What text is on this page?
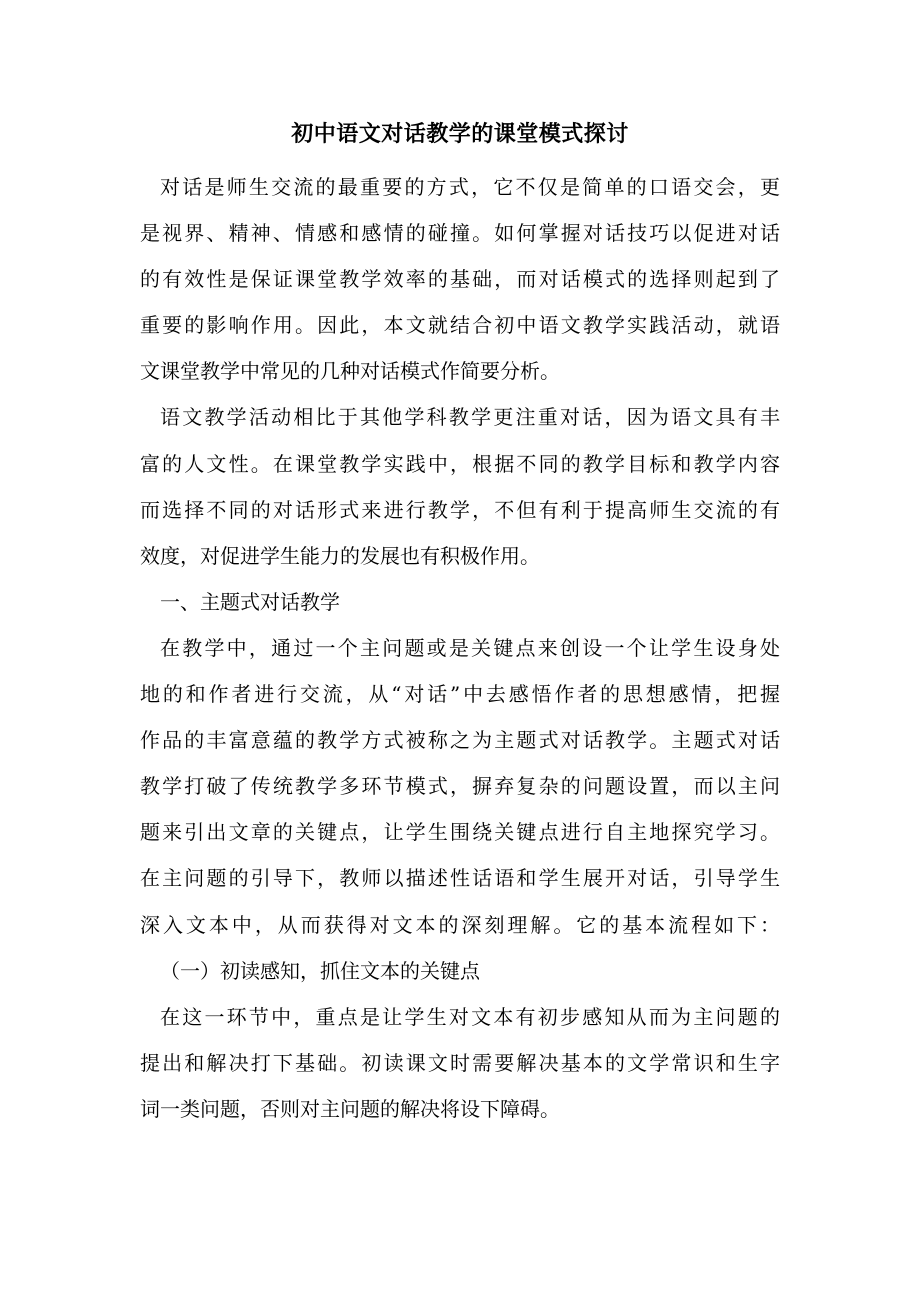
初中语文对话教学的课堂模式探讨
对话是师生交流的最重要的方式，它不仅是简单的口语交会，更
是视界、精神、情感和感情的碰撞。如何掌握对话技巧以促进对话
的有效性是保证课堂教学效率的基础，而对话模式的选择则起到了
重要的影响作用。因此，本文就结合初中语文教学实践活动，就语
文课堂教学中常见的几种对话模式作简要分析。
语文教学活动相比于其他学科教学更注重对话，因为语文具有丰
富的人文性。在课堂教学实践中，根据不同的教学目标和教学内容
而选择不同的对话形式来进行教学，不但有利于提高师生交流的有
效度，对促进学生能力的发展也有积极作用。
一、主题式对话教学
在教学中，通过一个主问题或是关键点来创设一个让学生设身处
地的和作者进行交流，从“对话”中去感悟作者的思想感情，把握
作品的丰富意蕴的教学方式被称之为主题式对话教学。主题式对话
教学打破了传统教学多环节模式，摒弃复杂的问题设置，而以主问
题来引出文章的关键点，让学生围绕关键点进行自主地探究学习。
在主问题的引导下，教师以描述性话语和学生展开对话，引导学生
深入文本中，从而获得对文本的深刻理解。它的基本流程如下：
（一）初读感知，抓住文本的关键点
在这一环节中，重点是让学生对文本有初步感知从而为主问题的
提出和解决打下基础。初读课文时需要解决基本的文学常识和生字
词一类问题，否则对主问题的解决将设下障碍。
